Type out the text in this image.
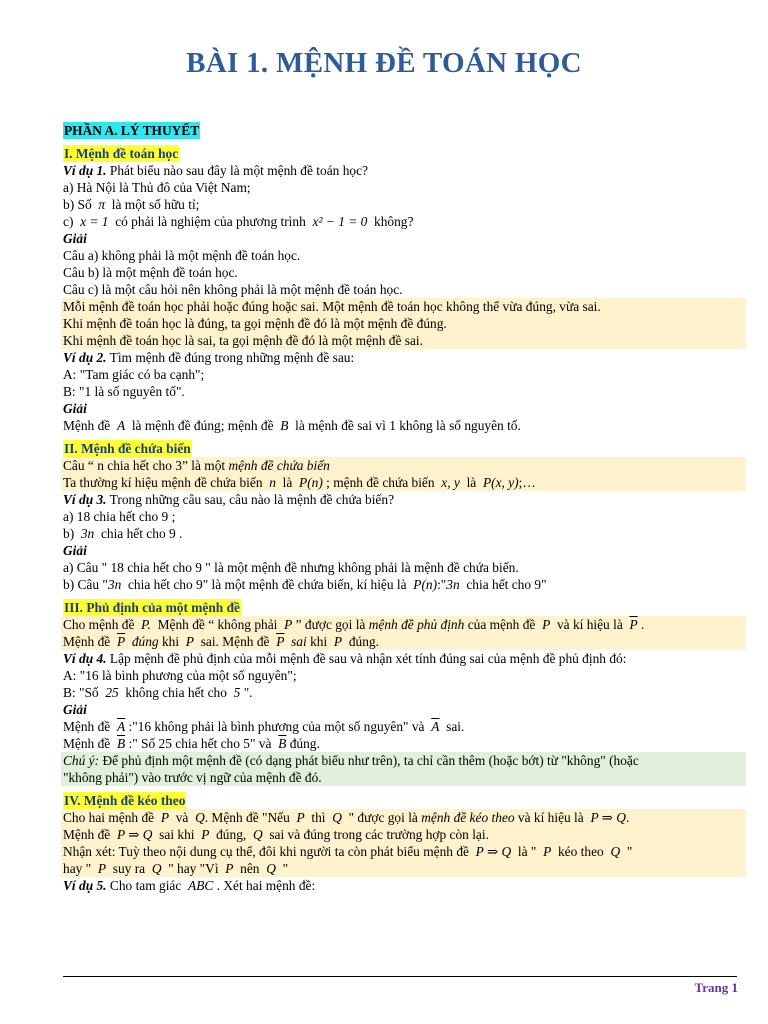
BÀI 1. MỆNH ĐỀ TOÁN HỌC
PHẦN A. LÝ THUYẾT
I. Mệnh đề toán học
Ví dụ 1. Phát biểu nào sau đây là một mệnh đề toán học?
a) Hà Nội là Thủ đô của Việt Nam;
b) Số π là một số hữu tỉ;
c) x = 1 có phải là nghiệm của phương trình x² − 1 = 0 không?
Giải
Câu a) không phải là một mệnh đề toán học.
Câu b) là một mệnh đề toán học.
Câu c) là một câu hỏi nên không phải là một mệnh đề toán học.
Mỗi mệnh đề toán học phải hoặc đúng hoặc sai. Một mệnh đề toán học không thể vừa đúng, vừa sai.
Khi mệnh đề toán học là đúng, ta gọi mệnh đề đó là một mệnh đề đúng.
Khi mệnh đề toán học là sai, ta gọi mệnh đề đó là một mệnh đề sai.
Ví dụ 2. Tìm mệnh đề đúng trong những mệnh đề sau:
A: "Tam giác có ba cạnh";
B: "1 là số nguyên tố".
Giải
Mệnh đề A là mệnh đề đúng; mệnh đề B là mệnh đề sai vì 1 không là số nguyên tố.
II. Mệnh đề chứa biến
Câu “ n chia hết cho 3” là một mệnh đề chứa biến
Ta thường kí hiệu mệnh đề chứa biến n là P(n) ; mệnh đề chứa biến x, y là P(x, y);…
Ví dụ 3. Trong những câu sau, câu nào là mệnh đề chứa biến?
a) 18 chia hết cho 9 ;
b) 3n chia hết cho 9 .
Giải
a) Câu " 18 chia hết cho 9 " là một mệnh đề nhưng không phải là mệnh đề chứa biến.
b) Câu "3n chia hết cho 9" là một mệnh đề chứa biến, kí hiệu là P(n):"3n chia hết cho 9"
III. Phủ định của một mệnh đề
Cho mệnh đề P. Mệnh đề “ không phải P ” được gọi là mệnh đề phủ định của mệnh đề P và kí hiệu là $\overline{P}$ .
Mệnh đề $\overline{P}$ đúng khi P sai. Mệnh đề $\overline{P}$ sai khi P đúng.
Ví dụ 4. Lập mệnh đề phủ định của mỗi mệnh đề sau và nhận xét tính đúng sai của mệnh đề phủ định đó:
A: "16 là bình phương của một số nguyên";
B: "Số 25 không chia hết cho 5 ".
Giải
Mệnh đề $\overline{A}$ :"16 không phải là bình phương của một số nguyên" và $\overline{A}$ sai.
Mệnh đề $\overline{B}$ :" Số 25 chia hết cho 5" và $\overline{B}$ đúng.
Chú ý: Để phủ định một mệnh đề (có dạng phát biểu như trên), ta chỉ cần thêm (hoặc bớt) từ "không" (hoặc
"không phải") vào trước vị ngữ của mệnh đề đó.
IV. Mệnh đề kéo theo
Cho hai mệnh đề P và Q. Mệnh đề "Nếu P thì Q " được gọi là mệnh đề kéo theo và kí hiệu là P ⇒ Q.
Mệnh đề P ⇒ Q sai khi P đúng, Q sai và đúng trong các trường hợp còn lại.
Nhận xét: Tuỳ theo nội dung cụ thể, đôi khi người ta còn phát biểu mệnh đề P ⇒ Q là " P kéo theo Q "
hay " P suy ra Q " hay "Vì P nên Q "
Ví dụ 5. Cho tam giác ABC . Xét hai mệnh đề:
Trang 1
